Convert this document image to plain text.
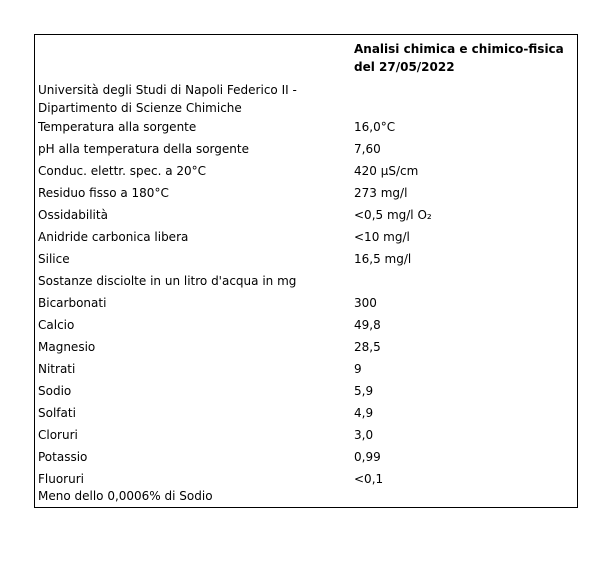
Analisi chimica e chimico-fisica
del 27/05/2022
Università degli Studi di Napoli Federico II -
Dipartimento di Scienze Chimiche
Temperatura alla sorgente	16,0°C
pH alla temperatura della sorgente	7,60
Conduc. elettr. spec. a 20°C	420 µS/cm
Residuo fisso a 180°C	273 mg/l
Ossidabilità	<0,5 mg/l O₂
Anidride carbonica libera	<10 mg/l
Silice	16,5 mg/l
Sostanze disciolte in un litro d'acqua in mg
Bicarbonati	300
Calcio	49,8
Magnesio	28,5
Nitrati	9
Sodio	5,9
Solfati	4,9
Cloruri	3,0
Potassio	0,99
Fluoruri	<0,1
Meno dello 0,0006% di Sodio
